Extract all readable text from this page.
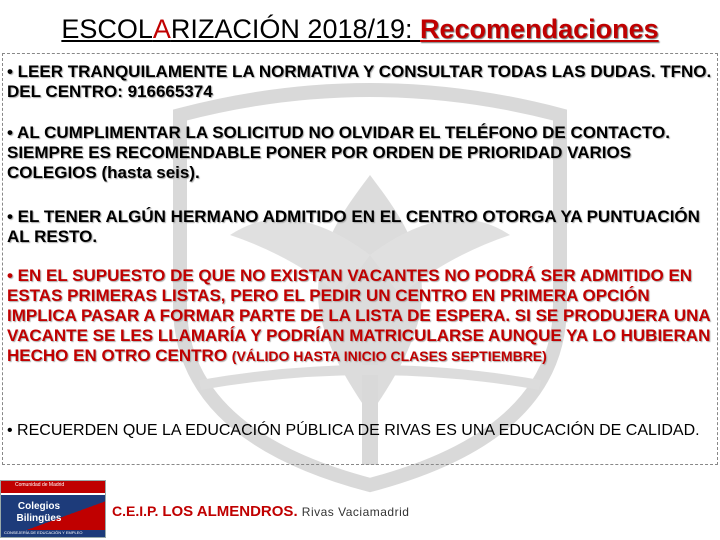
ESCOLARIZACIÓN 2018/19: Recomendaciones
• LEER TRANQUILAMENTE LA NORMATIVA Y CONSULTAR TODAS LAS DUDAS. TFNO. DEL CENTRO: 916665374
• AL CUMPLIMENTAR LA SOLICITUD NO OLVIDAR EL TELÉFONO DE CONTACTO. SIEMPRE ES RECOMENDABLE PONER POR ORDEN DE PRIORIDAD VARIOS COLEGIOS (hasta seis).
• EL TENER ALGÚN HERMANO ADMITIDO EN EL CENTRO OTORGA YA PUNTUACIÓN AL RESTO.
• EN EL SUPUESTO DE QUE NO EXISTAN VACANTES NO PODRÁ SER ADMITIDO EN ESTAS PRIMERAS LISTAS, PERO EL PEDIR UN CENTRO EN PRIMERA OPCIÓN IMPLICA PASAR A FORMAR PARTE DE LA LISTA DE ESPERA. SI SE PRODUJERA UNA VACANTE SE LES LLAMARÍA Y PODRÍAN MATRICULARSE AUNQUE YA LO HUBIERAN HECHO EN OTRO CENTRO (VÁLIDO HASTA INICIO CLASES SEPTIEMBRE)
• RECUERDEN QUE LA EDUCACIÓN PÚBLICA DE RIVAS ES UNA EDUCACIÓN DE CALIDAD.
Comunidad de Madrid
Colegios
Bilingües
CONSEJERÍA DE EDUCACIÓN Y EMPLEO
C.E.I.P. LOS ALMENDROS. Rivas Vaciamadrid
